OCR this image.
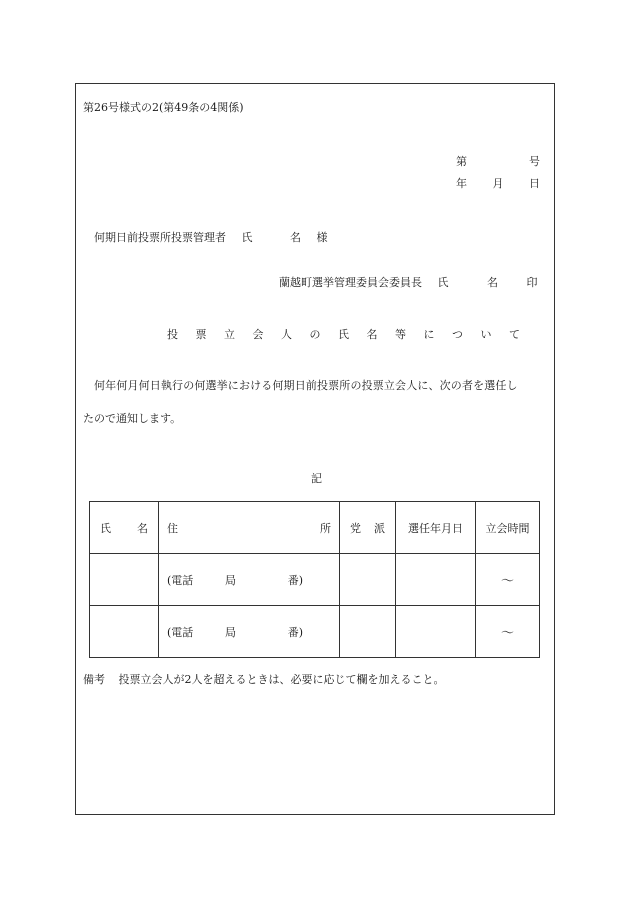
第26号様式の2(第49条の4関係)
第	号
年 月 日
何期日前投票所投票管理者 氏	名 様
蘭越町選挙管理委員会委員長 氏	名	印
投 票 立 会 人 の 氏 名 等 に つ い て
何年何月何日執行の何選挙における何期日前投票所の投票立会人に、次の者を選任し
たので通知します。
記
氏 名	住 所	党 派	選任年月日	立会時間

	(電話 局 番)			～

	(電話 局 番)			～
備考 投票立会人が2人を超えるときは、必要に応じて欄を加えること。
